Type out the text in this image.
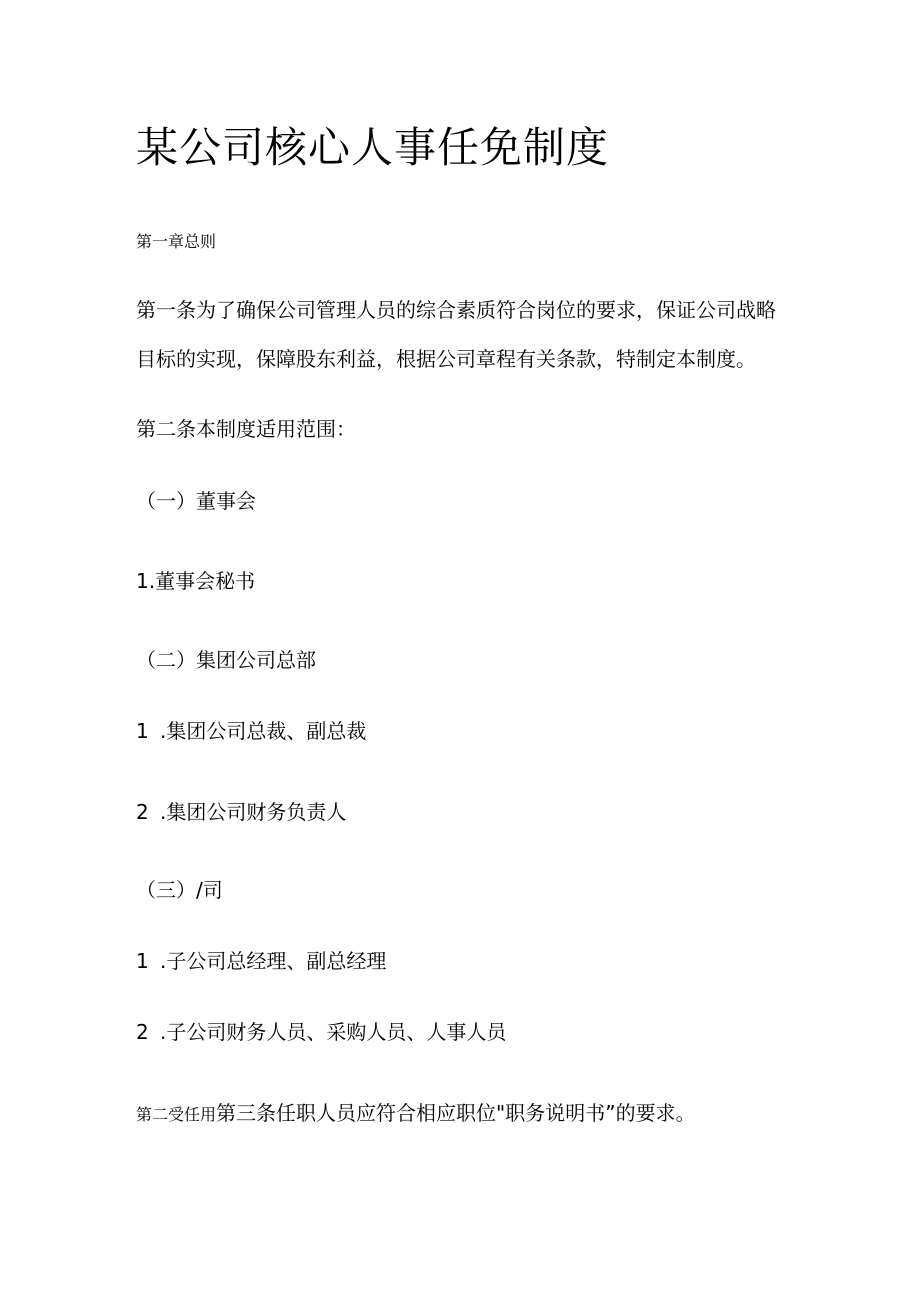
某公司核心人事任免制度

第一章总则

第一条为了确保公司管理人员的综合素质符合岗位的要求，保证公司战略

目标的实现，保障股东利益，根据公司章程有关条款，特制定本制度。

第二条本制度适用范围：

（一）董事会

1.董事会秘书

（二）集团公司总部

1 .集团公司总裁、副总裁

2 .集团公司财务负责人

（三）/司

1 .子公司总经理、副总经理

2 .子公司财务人员、采购人员、人事人员

第二受任用第三条任职人员应符合相应职位"职务说明书”的要求。
